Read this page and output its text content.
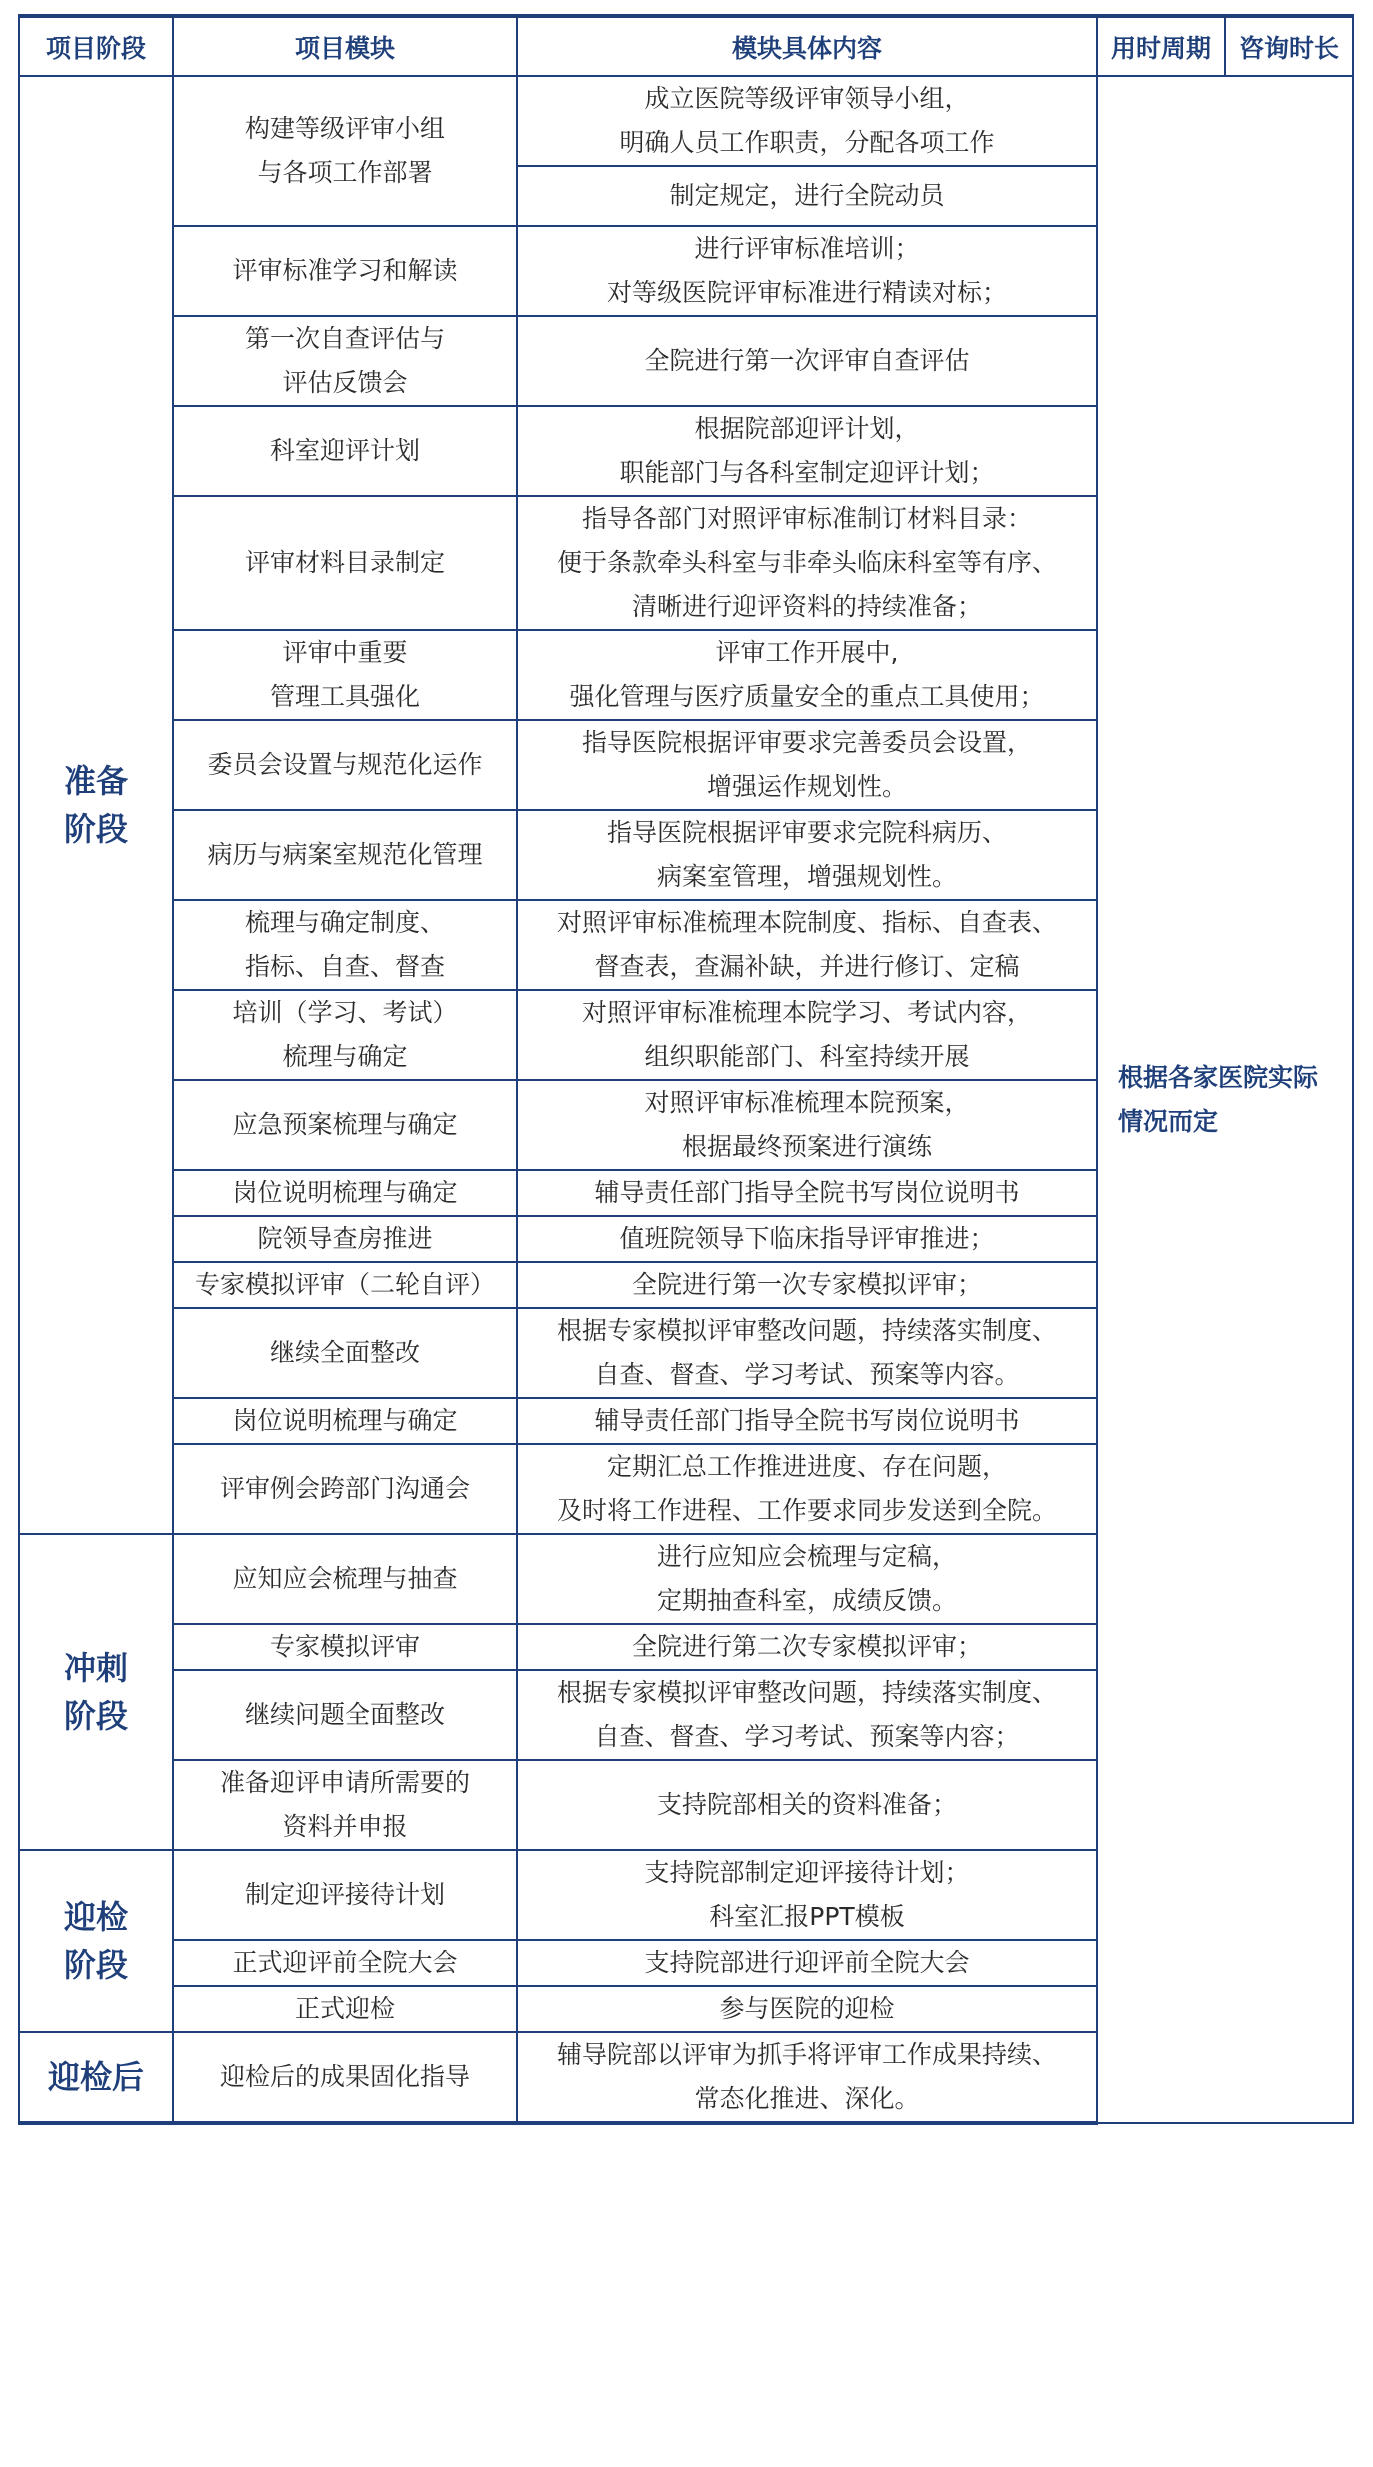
项目阶段	项目模块	模块具体内容	用时周期	咨询时长

准备
阶段	构建等级评审小组
与各项工作部署	成立医院等级评审领导小组，
明确人员工作职责，分配各项工作	根据各家医院实际情况而定	

		制定规定，进行全院动员		

	评审标准学习和解读	进行评审标准培训；
对等级医院评审标准进行精读对标；		

	第一次自查评估与
评估反馈会	全院进行第一次评审自查评估		

	科室迎评计划	根据院部迎评计划，
职能部门与各科室制定迎评计划；		

	评审材料目录制定	指导各部门对照评审标准制订材料目录：
便于条款牵头科室与非牵头临床科室等有序、
清晰进行迎评资料的持续准备；		

	评审中重要
管理工具强化	评审工作开展中,
强化管理与医疗质量安全的重点工具使用；		

	委员会设置与规范化运作	指导医院根据评审要求完善委员会设置，
增强运作规划性。		

	病历与病案室规范化管理	指导医院根据评审要求完院科病历、
病案室管理，增强规划性。		

	梳理与确定制度、
指标、自查、督查	对照评审标准梳理本院制度、指标、自查表、
督查表，查漏补缺，并进行修订、定稿		

	培训（学习、考试）
梳理与确定	对照评审标准梳理本院学习、考试内容，
组织职能部门、科室持续开展		

	应急预案梳理与确定	对照评审标准梳理本院预案，
根据最终预案进行演练		

	岗位说明梳理与确定	辅导责任部门指导全院书写岗位说明书		

	院领导查房推进	值班院领导下临床指导评审推进；		

	专家模拟评审（二轮自评）	全院进行第一次专家模拟评审；		

	继续全面整改	根据专家模拟评审整改问题，持续落实制度、
自查、督查、学习考试、预案等内容。		

	岗位说明梳理与确定	辅导责任部门指导全院书写岗位说明书		

	评审例会跨部门沟通会	定期汇总工作推进进度、存在问题，
及时将工作进程、工作要求同步发送到全院。		

冲刺
阶段	应知应会梳理与抽查	进行应知应会梳理与定稿，
定期抽查科室，成绩反馈。		

	专家模拟评审	全院进行第二次专家模拟评审；		

	继续问题全面整改	根据专家模拟评审整改问题，持续落实制度、
自查、督查、学习考试、预案等内容；		

	准备迎评申请所需要的
资料并申报	支持院部相关的资料准备；		

迎检
阶段	制定迎评接待计划	支持院部制定迎评接待计划；
科室汇报PPT模板		

	正式迎评前全院大会	支持院部进行迎评前全院大会		

	正式迎检	参与医院的迎检		

迎检后	迎检后的成果固化指导	辅导院部以评审为抓手将评审工作成果持续、
常态化推进、深化。		
